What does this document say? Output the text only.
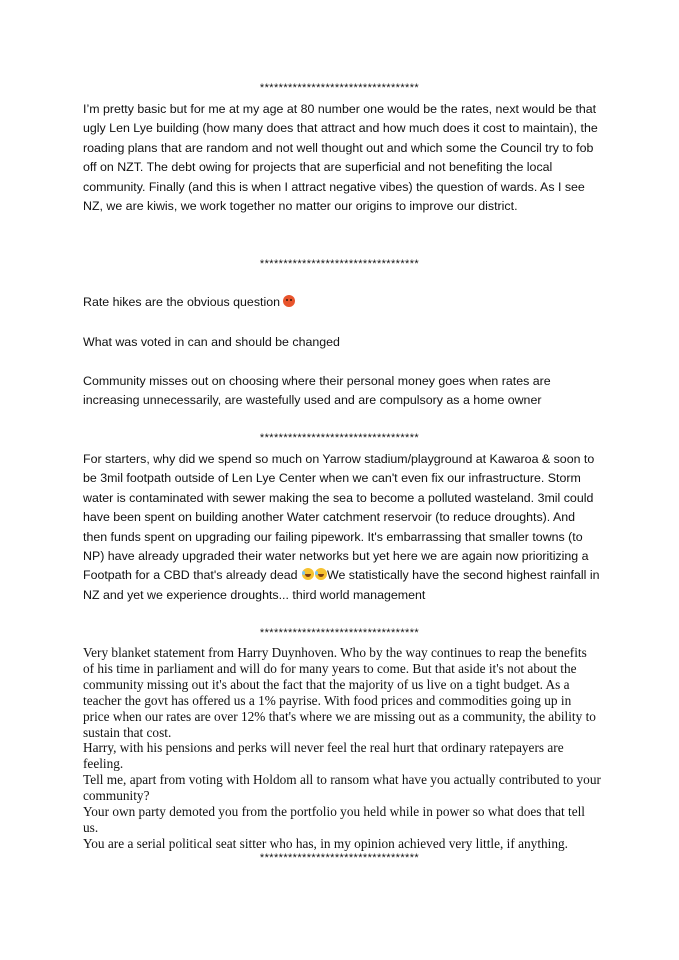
**********************************

I’m pretty basic but for me at my age at 80 number one would be the rates, next would be that ugly Len Lye building (how many does that attract and how much does it cost to maintain), the roading plans that are random and not well thought out and which some the Council try to fob off on NZT. The debt owing for projects that are superficial and not benefiting the local community. Finally (and this is when I attract negative vibes) the question of wards. As I see NZ, we are kiwis, we work together no matter our origins to improve our district.

**********************************

Rate hikes are the obvious question

What was voted in can and should be changed

Community misses out on choosing where their personal money goes when rates are increasing unnecessarily, are wastefully used and are compulsory as a home owner

**********************************

For starters, why did we spend so much on Yarrow stadium/playground at Kawaroa & soon to be 3mil footpath outside of Len Lye Center when we can't even fix our infrastructure. Storm water is contaminated with sewer making the sea to become a polluted wasteland. 3mil could have been spent on building another Water catchment reservoir (to reduce droughts). And then funds spent on upgrading our failing pipework. It's embarrassing that smaller towns (to NP) have already upgraded their water networks but yet here we are again now prioritizing a Footpath for a CBD that's already dead We statistically have the second highest rainfall in NZ and yet we experience droughts... third world management

**********************************
Very blanket statement from Harry Duynhoven. Who by the way continues to reap the benefits of his time in parliament and will do for many years to come. But that aside it's not about the community missing out it's about the fact that the majority of us live on a tight budget. As a teacher the govt has offered us a 1% payrise. With food prices and commodities going up in price when our rates are over 12% that's where we are missing out as a community, the ability to sustain that cost.
Harry, with his pensions and perks will never feel the real hurt that ordinary ratepayers are feeling.
Tell me, apart from voting with Holdom all to ransom what have you actually contributed to your community?
Your own party demoted you from the portfolio you held while in power so what does that tell us.
You are a serial political seat sitter who has, in my opinion achieved very little, if anything.
**********************************
